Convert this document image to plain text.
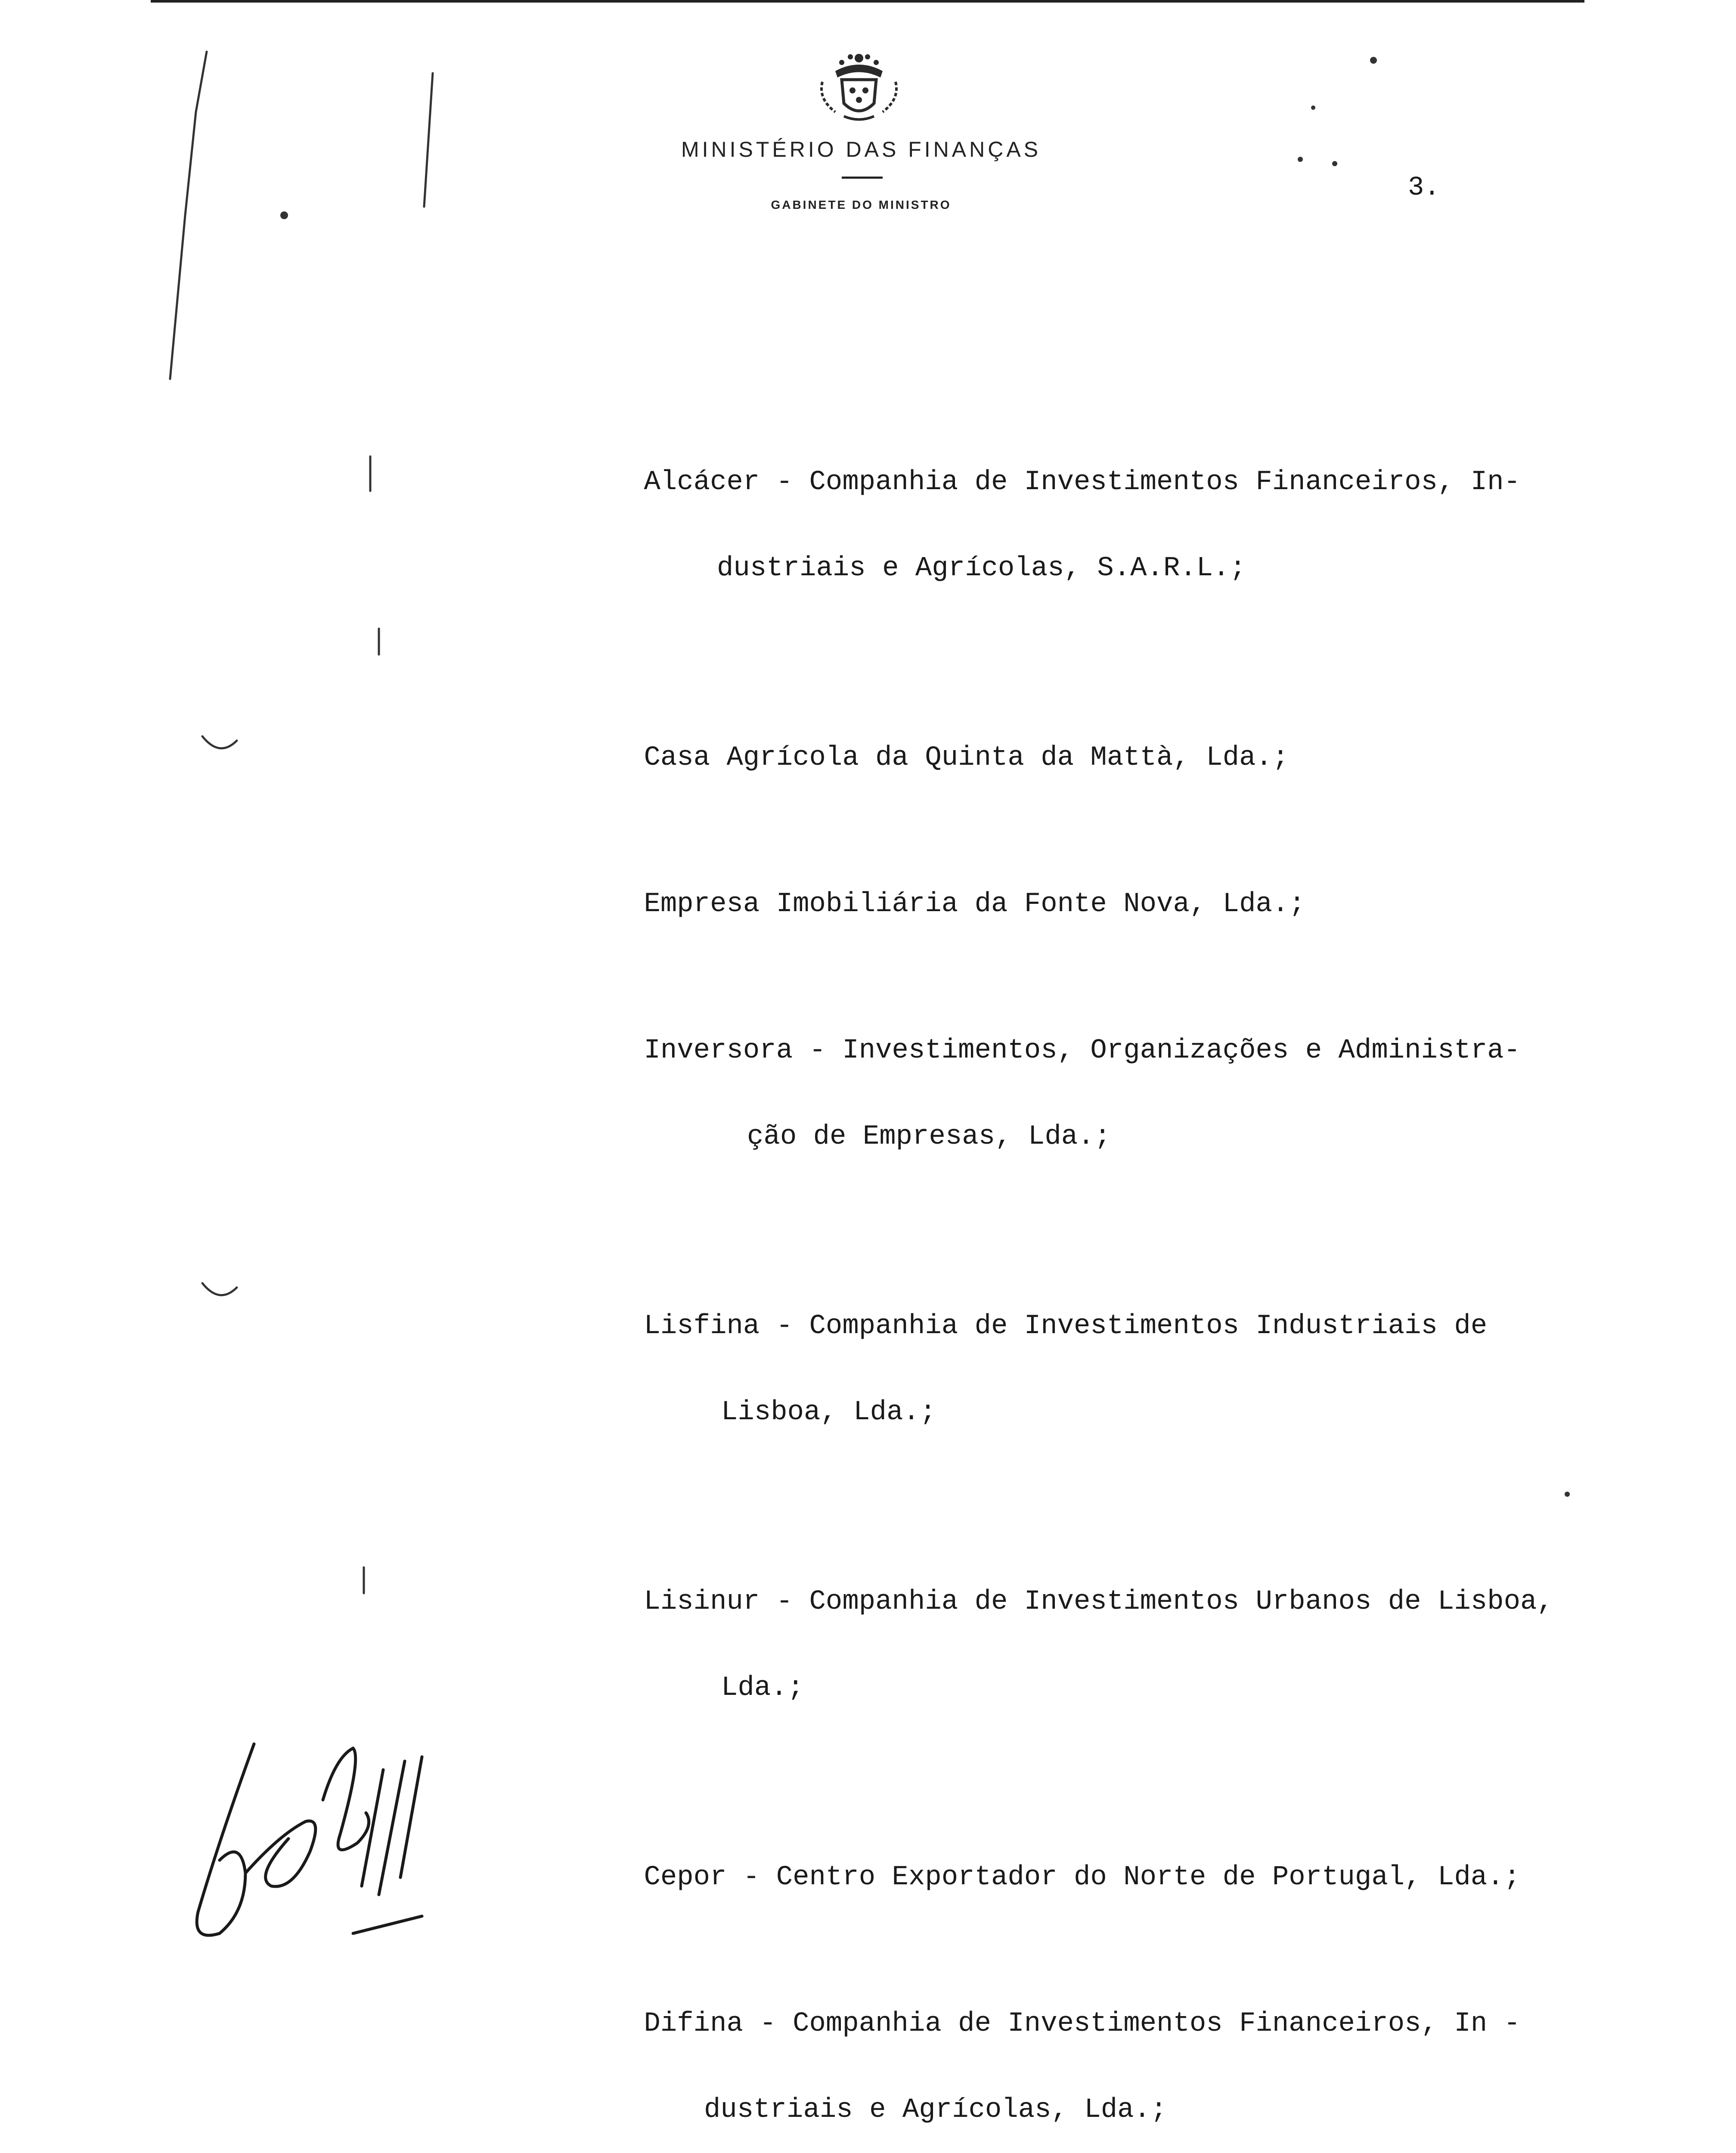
MINISTÉRIO DAS FINANÇAS
GABINETE DO MINISTRO
3.

Alcácer - Companhia de Investimentos Financeiros, In-

dustriais e Agrícolas, S.A.R.L.;

Casa Agrícola da Quinta da Mattà, Lda.;

Empresa Imobiliária da Fonte Nova, Lda.;

Inversora - Investimentos, Organizações e Administra-

ção de Empresas, Lda.;

Lisfina - Companhia de Investimentos Industriais de

Lisboa, Lda.;

Lisinur - Companhia de Investimentos Urbanos de Lisboa,

Lda.;

Cepor - Centro Exportador do Norte de Portugal, Lda.;

Difina - Companhia de Investimentos Financeiros, In -

dustriais e Agrícolas, Lda.;
